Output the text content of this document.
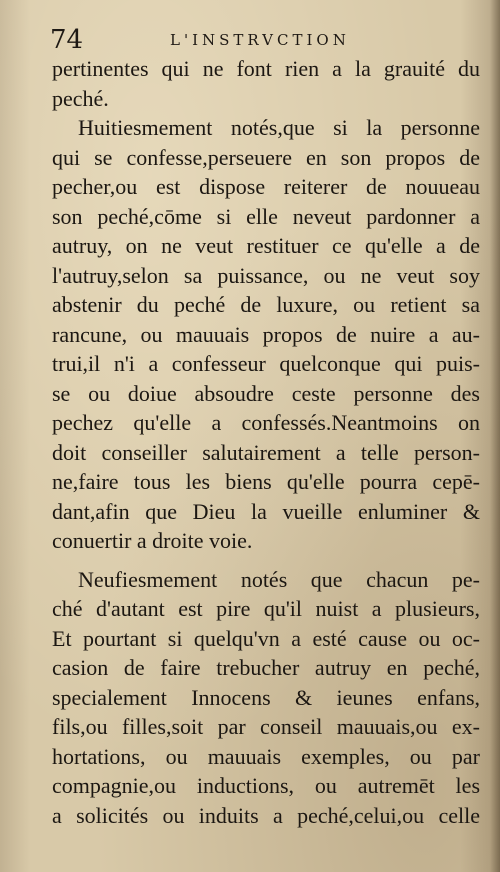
74	L'INSTRVCTION
pertinentes qui ne font rien a la grauité du
peché.
Huitiesmement notés,que si la personne
qui se confesse,perseuere en son propos de
pecher,ou est dispose reiterer de nouueau
son peché,cōme si elle neveut pardonner a
autruy, on ne veut restituer ce qu'elle a de
l'autruy,selon sa puissance, ou ne veut soy
abstenir du peché de luxure, ou retient sa
rancune, ou mauuais propos de nuire a au-
trui,il n'i a confesseur quelconque qui puis-
se ou doiue absoudre ceste personne des
pechez qu'elle a confessés.Neantmoins on
doit conseiller salutairement a telle person-
ne,faire tous les biens qu'elle pourra cepē-
dant,afin que Dieu la vueille enluminer &
conuertir a droite voie.
Neufiesmement notés que chacun pe-
ché d'autant est pire qu'il nuist a plusieurs,
Et pourtant si quelqu'vn a esté cause ou oc-
casion de faire trebucher autruy en peché,
specialement Innocens & ieunes enfans,
fils,ou filles,soit par conseil mauuais,ou ex-
hortations, ou mauuais exemples, ou par
compagnie,ou inductions, ou autremēt les
a solicités ou induits a peché,celui,ou celle
